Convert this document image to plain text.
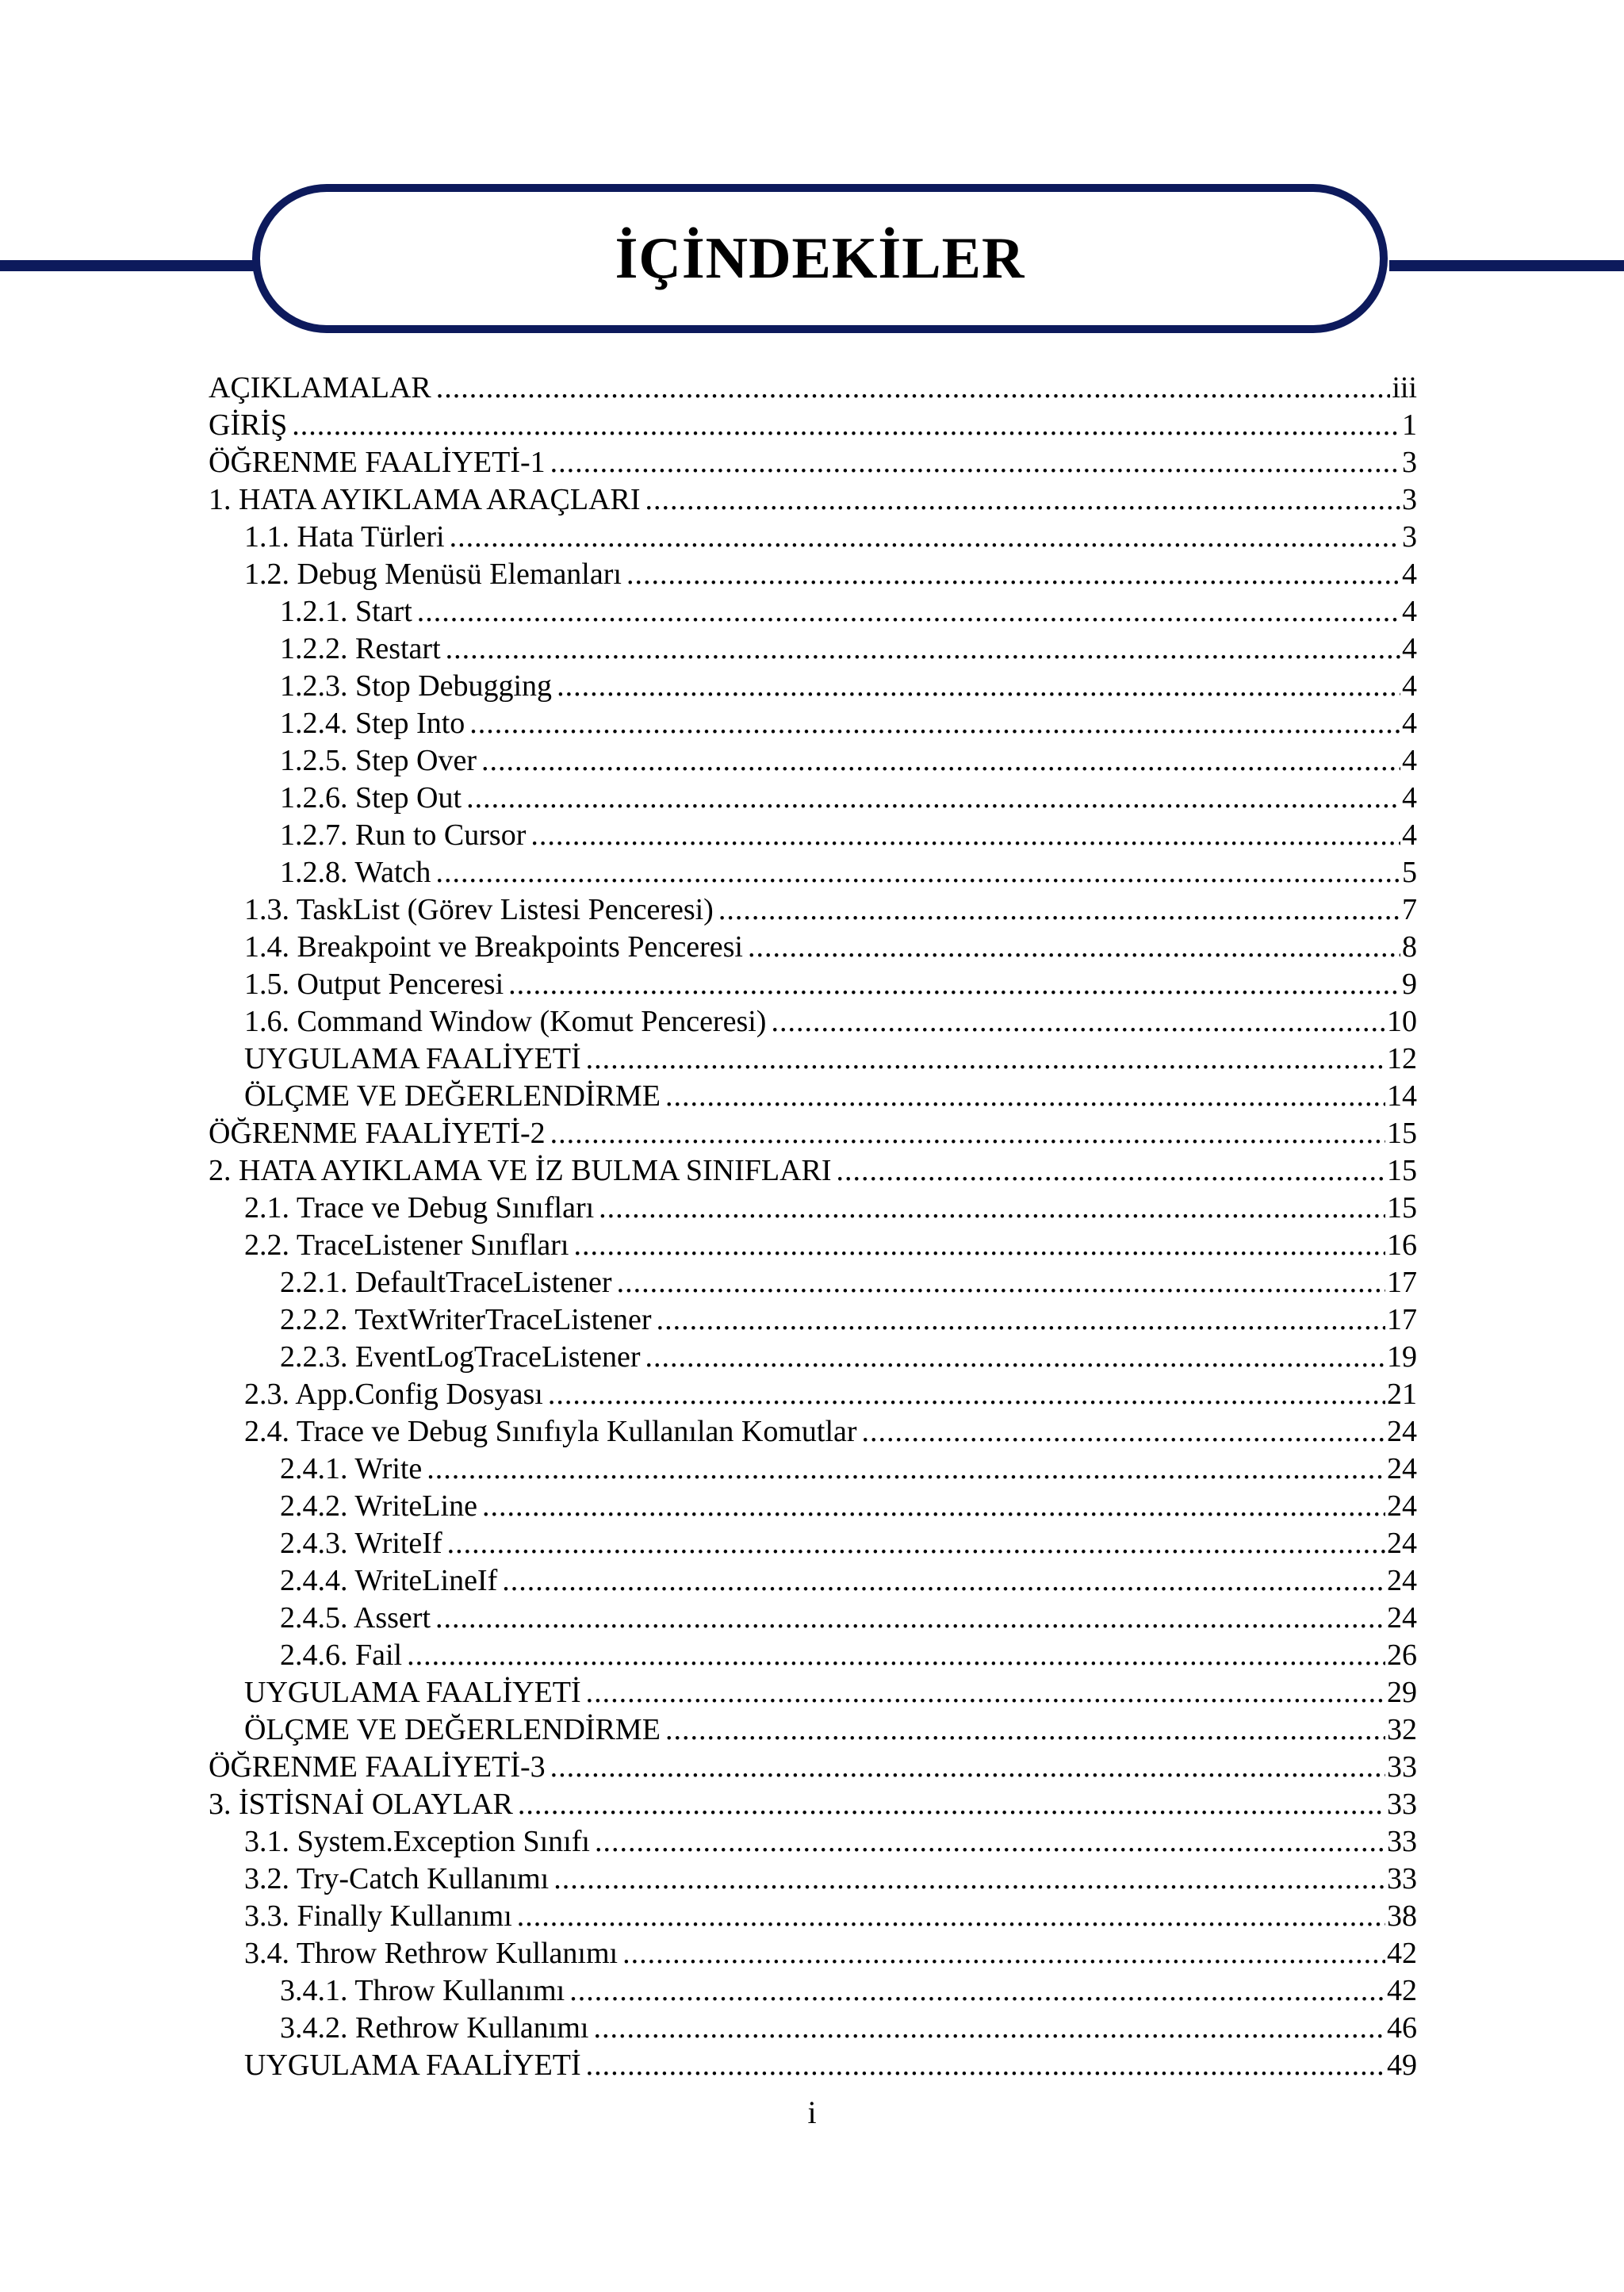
İÇİNDEKİLER
AÇIKLAMALAR .....	iii
GİRİŞ .....	1
ÖĞRENME FAALİYETİ-1 .....	3
1. HATA AYIKLAMA ARAÇLARI .....	3
1.1. Hata Türleri .....	3
1.2. Debug Menüsü Elemanları .....	4
1.2.1. Start .....	4
1.2.2. Restart .....	4
1.2.3. Stop Debugging .....	4
1.2.4. Step Into .....	4
1.2.5. Step Over .....	4
1.2.6. Step Out .....	4
1.2.7. Run to Cursor .....	4
1.2.8. Watch .....	5
1.3. TaskList (Görev Listesi Penceresi) .....	7
1.4. Breakpoint ve Breakpoints Penceresi .....	8
1.5. Output Penceresi .....	9
1.6. Command Window (Komut Penceresi) .....	10
UYGULAMA FAALİYETİ .....	12
ÖLÇME VE DEĞERLENDİRME .....	14
ÖĞRENME FAALİYETİ-2 .....	15
2. HATA AYIKLAMA VE İZ BULMA SINIFLARI .....	15
2.1. Trace ve Debug Sınıfları .....	15
2.2. TraceListener Sınıfları .....	16
2.2.1. DefaultTraceListener .....	17
2.2.2. TextWriterTraceListener .....	17
2.2.3. EventLogTraceListener .....	19
2.3. App.Config Dosyası .....	21
2.4. Trace ve Debug Sınıfıyla Kullanılan Komutlar .....	24
2.4.1. Write .....	24
2.4.2. WriteLine .....	24
2.4.3. WriteIf .....	24
2.4.4. WriteLineIf .....	24
2.4.5. Assert .....	24
2.4.6. Fail .....	26
UYGULAMA FAALİYETİ .....	29
ÖLÇME VE DEĞERLENDİRME .....	32
ÖĞRENME FAALİYETİ-3 .....	33
3. İSTİSNAİ OLAYLAR .....	33
3.1. System.Exception Sınıfı .....	33
3.2. Try-Catch Kullanımı .....	33
3.3. Finally Kullanımı .....	38
3.4. Throw Rethrow Kullanımı .....	42
3.4.1. Throw Kullanımı .....	42
3.4.2. Rethrow Kullanımı .....	46
UYGULAMA FAALİYETİ .....	49
i
